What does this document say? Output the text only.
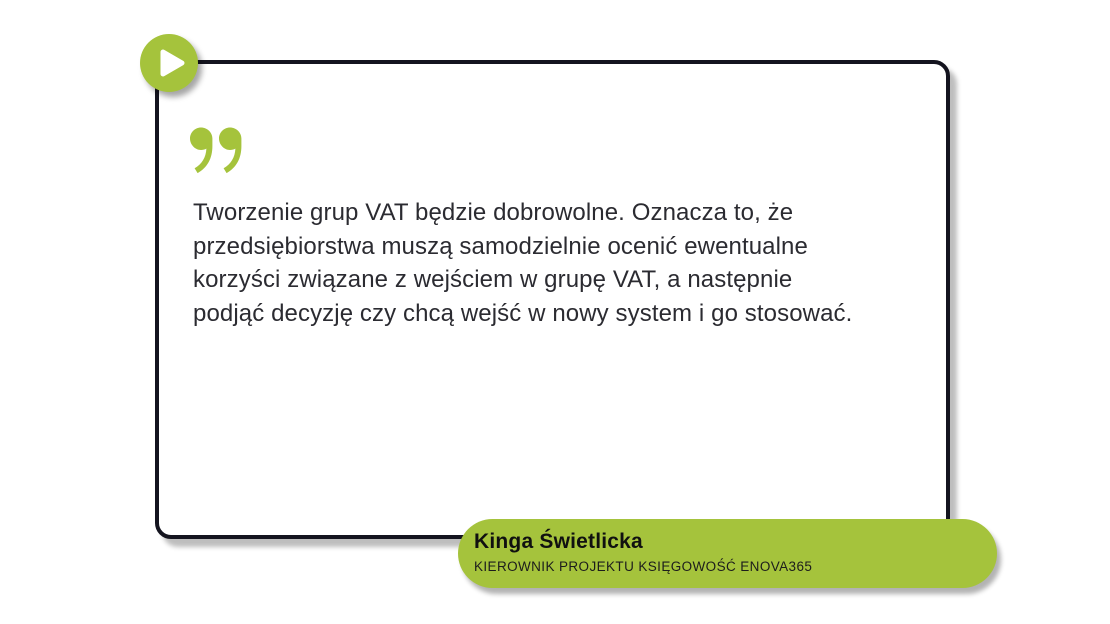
Tworzenie grup VAT będzie dobrowolne. Oznacza to, że
przedsiębiorstwa muszą samodzielnie ocenić ewentualne
korzyści związane z wejściem w grupę VAT, a następnie
podjąć decyzję czy chcą wejść w nowy system i go stosować.
Kinga Świetlicka
KIEROWNIK PROJEKTU KSIĘGOWOŚĆ ENOVA365
